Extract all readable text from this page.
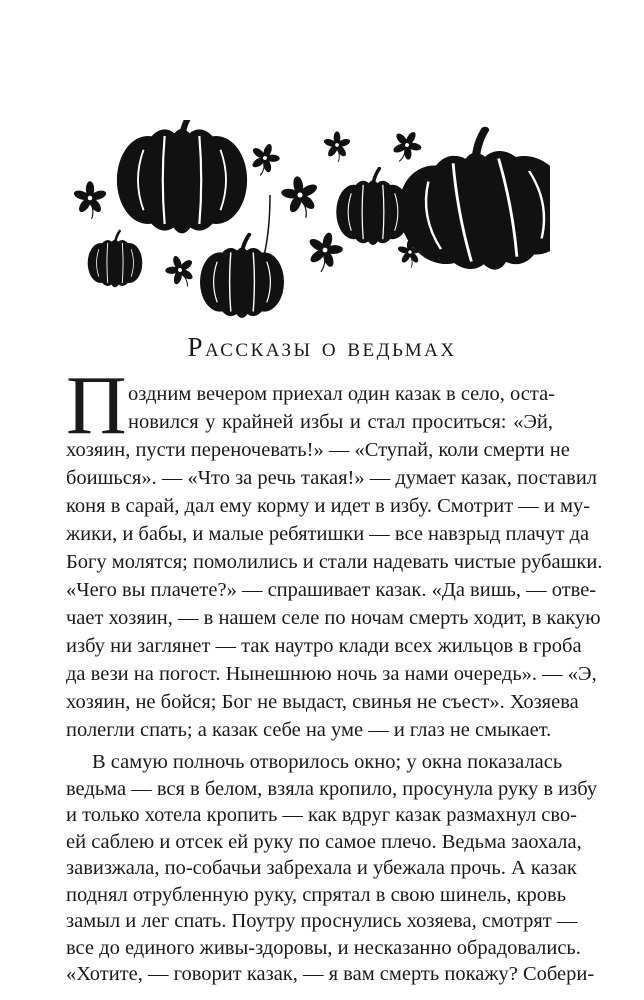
Рассказы о ведьмах
П оздним вечером приехал один казак в село, оста-
новился у крайней избы и стал проситься: «Эй,
хозяин, пусти переночевать!» — «Ступай, коли смерти не
боишься». — «Что за речь такая!» — думает казак, поставил
коня в сарай, дал ему корму и идет в избу. Смотрит — и му-
жики, и бабы, и малые ребятишки — все навзрыд плачут да
Богу молятся; помолились и стали надевать чистые рубашки.
«Чего вы плачете?» — спрашивает казак. «Да вишь, — отве-
чает хозяин, — в нашем селе по ночам смерть ходит, в какую
избу ни заглянет — так наутро клади всех жильцов в гроба
да вези на погост. Нынешнюю ночь за нами очередь». — «Э,
хозяин, не бойся; Бог не выдаст, свинья не съест». Хозяева
полегли спать; а казак себе на уме — и глаз не смыкает.
В самую полночь отворилось окно; у окна показалась
ведьма — вся в белом, взяла кропило, просунула руку в избу
и только хотела кропить — как вдруг казак размахнул сво-
ей саблею и отсек ей руку по самое плечо. Ведьма заохала,
завизжала, по-собачьи забрехала и убежала прочь. А казак
поднял отрубленную руку, спрятал в свою шинель, кровь
замыл и лег спать. Поутру проснулись хозяева, смотрят —
все до единого живы-здоровы, и несказанно обрадовались.
«Хотите, — говорит казак, — я вам смерть покажу? Собери-
